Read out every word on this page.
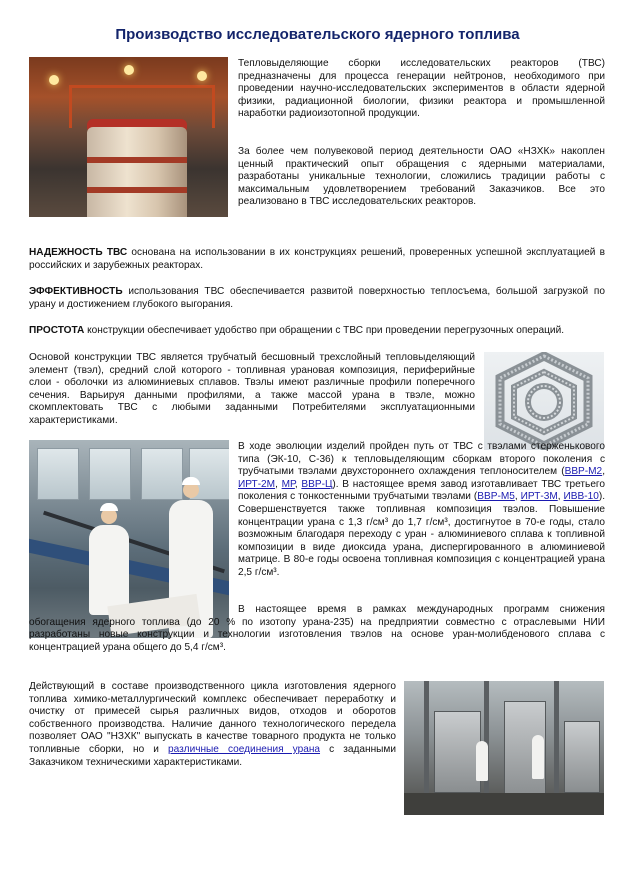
Производство исследовательского ядерного топлива

Тепловыделяющие сборки исследовательских реакторов (ТВС) предназначены для процесса генерации нейтронов, необходимого при проведении научно-исследовательских экспериментов в области ядерной физики, радиационной биологии, физики реактора и промышленной наработки радиоизотопной продукции.

За более чем полувековой период деятельности ОАО «НЗХК» накоплен ценный практический опыт обращения с ядерными материалами, разработаны уникальные технологии, сложились традиции работы с максимальным удовлетворением требований Заказчиков. Все это реализовано в ТВС исследовательских реакторов.

НАДЕЖНОСТЬ ТВС основана на использовании в их конструкциях решений, проверенных успешной эксплуатацией в российских и зарубежных реакторах.

ЭФФЕКТИВНОСТЬ использования ТВС обеспечивается развитой поверхностью теплосъема, большой загрузкой по урану и достижением глубокого выгорания.

ПРОСТОТА конструкции обеспечивает удобство при обращении с ТВС при проведении перегрузочных операций.

Основой конструкции ТВС является трубчатый бесшовный трехслойный тепловыделяющий элемент (твэл), средний слой которого - топливная урановая композиция, периферийные слои - оболочки из алюминиевых сплавов. Твэлы имеют различные профили поперечного сечения. Варьируя данными профилями, а также массой урана в твэле, можно скомплектовать ТВС с любыми заданными Потребителями эксплуатационными характеристиками.

В ходе эволюции изделий пройден путь от ТВС с твэлами стерженькового типа (ЭК-10, С-36) к тепловыделяющим сборкам второго поколения с трубчатыми твэлами двухстороннего охлаждения теплоносителем (ВВР-М2, ИРТ-2М, МР, ВВР-Ц). В настоящее время завод изготавливает ТВС третьего поколения с тонкостенными трубчатыми твэлами (ВВР-М5, ИРТ-3М, ИВВ-10). Совершенствуется также топливная композиция твэлов. Повышение концентрации урана с 1,3 г/см³ до 1,7 г/см³, достигнутое в 70-е годы, стало возможным благодаря переходу с уран - алюминиевого сплава к топливной композиции в виде диоксида урана, диспергированного в алюминиевой матрице. В 80-е годы освоена топливная композиция с концентрацией урана 2,5 г/см³.

В настоящее время в рамках международных программ снижения обогащения ядерного топлива (до 20 % по изотопу урана-235) на предприятии совместно с отраслевыми НИИ разработаны новые конструкции и технологии изготовления твэлов на основе уран-молибденового сплава с концентрацией урана общего до 5,4 г/см³.

Действующий в составе производственного цикла изготовления ядерного топлива химико-металлургический комплекс обеспечивает переработку и очистку от примесей сырья различных видов, отходов и оборотов собственного производства. Наличие данного технологического передела позволяет ОАО "НЗХК" выпускать в качестве товарного продукта не только топливные сборки, но и различные соединения урана с заданными Заказчиком техническими характеристиками.
